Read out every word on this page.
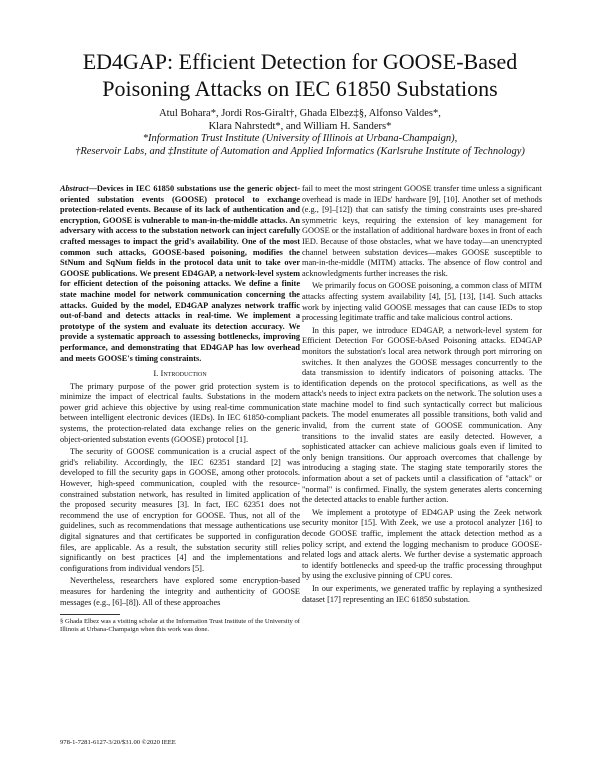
ED4GAP: Efficient Detection for GOOSE-Based
Poisoning Attacks on IEC 61850 Substations
Atul Bohara*, Jordi Ros-Giralt†, Ghada Elbez‡§, Alfonso Valdes*,
Klara Nahrstedt*, and William H. Sanders*
*Information Trust Institute (University of Illinois at Urbana-Champaign),
†Reservoir Labs, and ‡Institute of Automation and Applied Informatics (Karlsruhe Institute of Technology)

Abstract—Devices in IEC 61850 substations use the generic object-oriented substation events (GOOSE) protocol to exchange protection-related events. Because of its lack of authentication and encryption, GOOSE is vulnerable to man-in-the-middle attacks. An adversary with access to the substation network can inject carefully crafted messages to impact the grid's availability. One of the most common such attacks, GOOSE-based poisoning, modifies the StNum and SqNum fields in the protocol data unit to take over GOOSE publications. We present ED4GAP, a network-level system for efficient detection of the poisoning attacks. We define a finite state machine model for network communication concerning the attacks. Guided by the model, ED4GAP analyzes network traffic out-of-band and detects attacks in real-time. We implement a prototype of the system and evaluate its detection accuracy. We provide a systematic approach to assessing bottlenecks, improving performance, and demonstrating that ED4GAP has low overhead and meets GOOSE's timing constraints.

I. Introduction

The primary purpose of the power grid protection system is to minimize the impact of electrical faults. Substations in the modern power grid achieve this objective by using real-time communication between intelligent electronic devices (IEDs). In IEC 61850-compliant systems, the protection-related data exchange relies on the generic object-oriented substation events (GOOSE) protocol [1].

The security of GOOSE communication is a crucial aspect of the grid's reliability. Accordingly, the IEC 62351 standard [2] was developed to fill the security gaps in GOOSE, among other protocols. However, high-speed communication, coupled with the resource-constrained substation network, has resulted in limited application of the proposed security measures [3]. In fact, IEC 62351 does not recommend the use of encryption for GOOSE. Thus, not all of the guidelines, such as recommendations that message authentications use digital signatures and that certificates be supported in configuration files, are applicable. As a result, the substation security still relies significantly on best practices [4] and the implementations and configurations from individual vendors [5].

Nevertheless, researchers have explored some encryption-based measures for hardening the integrity and authenticity of GOOSE messages (e.g., [6]–[8]). All of these approaches

§ Ghada Elbez was a visiting scholar at the Information Trust Institute of the University of Illinois at Urbana-Champaign when this work was done.

978-1-7281-6127-3/20/$31.00 ©2020 IEEE

fail to meet the most stringent GOOSE transfer time unless a significant overhead is made in IEDs' hardware [9], [10]. Another set of methods (e.g., [9]–[12]) that can satisfy the timing constraints uses pre-shared symmetric keys, requiring the extension of key management for GOOSE or the installation of additional hardware boxes in front of each IED. Because of those obstacles, what we have today—an unencrypted channel between substation devices—makes GOOSE susceptible to man-in-the-middle (MITM) attacks. The absence of flow control and acknowledgments further increases the risk.

We primarily focus on GOOSE poisoning, a common class of MITM attacks affecting system availability [4], [5], [13], [14]. Such attacks work by injecting valid GOOSE messages that can cause IEDs to stop processing legitimate traffic and take malicious control actions.

In this paper, we introduce ED4GAP, a network-level system for Efficient Detection For GOOSE-bAsed Poisoning attacks. ED4GAP monitors the substation's local area network through port mirroring on switches. It then analyzes the GOOSE messages concurrently to the data transmission to identify indicators of poisoning attacks. The identification depends on the protocol specifications, as well as the attack's needs to inject extra packets on the network. The solution uses a state machine model to find such syntactically correct but malicious packets. The model enumerates all possible transitions, both valid and invalid, from the current state of GOOSE communication. Any transitions to the invalid states are easily detected. However, a sophisticated attacker can achieve malicious goals even if limited to only benign transitions. Our approach overcomes that challenge by introducing a staging state. The staging state temporarily stores the information about a set of packets until a classification of "attack" or "normal" is confirmed. Finally, the system generates alerts concerning the detected attacks to enable further action.

We implement a prototype of ED4GAP using the Zeek network security monitor [15]. With Zeek, we use a protocol analyzer [16] to decode GOOSE traffic, implement the attack detection method as a policy script, and extend the logging mechanism to produce GOOSE-related logs and attack alerts. We further devise a systematic approach to identify bottlenecks and speed-up the traffic processing throughput by using the exclusive pinning of CPU cores.

In our experiments, we generated traffic by replaying a synthesized dataset [17] representing an IEC 61850 substation.
